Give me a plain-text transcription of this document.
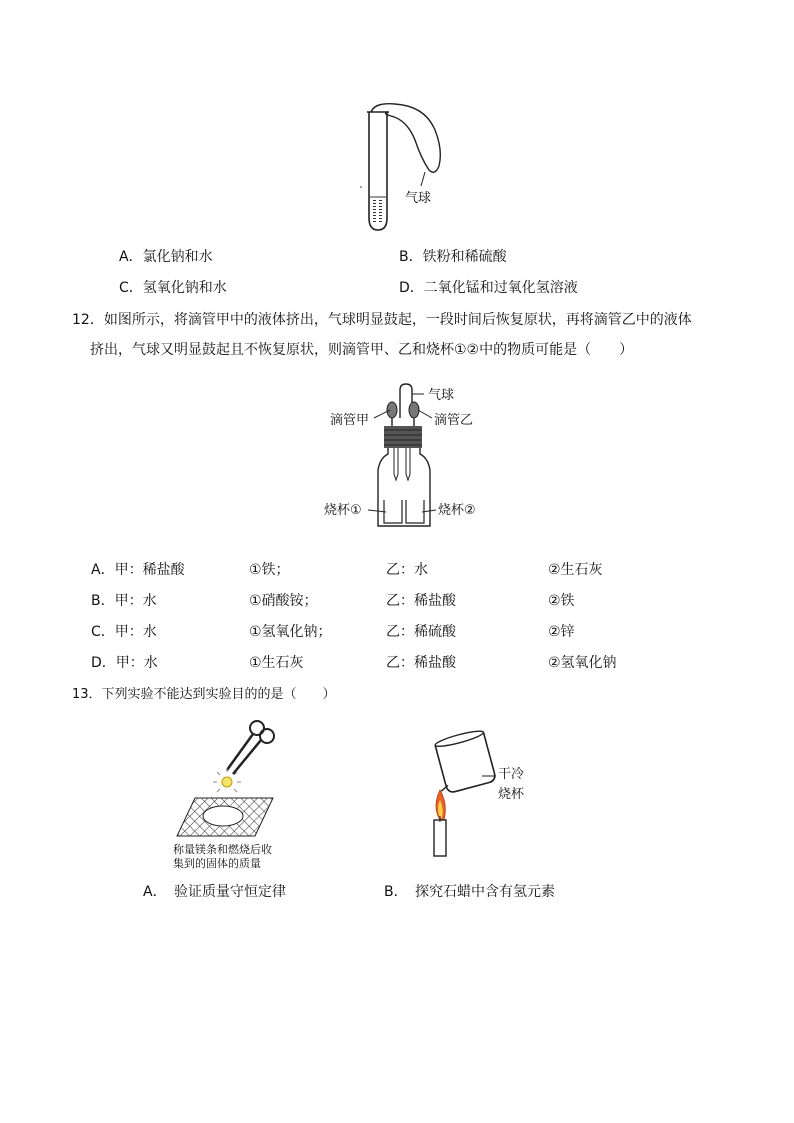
气球
A．氯化钠和水	B．铁粉和稀硫酸
C．氢氧化钠和水	D．二氧化锰和过氧化氢溶液
12．如图所示，将滴管甲中的液体挤出，气球明显鼓起，一段时间后恢复原状，再将滴管乙中的液体
挤出，气球又明显鼓起且不恢复原状，则滴管甲、乙和烧杯①②中的物质可能是（　　）
气球
滴管甲	滴管乙
烧杯①	烧杯②
A．甲：稀盐酸	①铁；	乙：水	②生石灰
B．甲：水	①硝酸铵；	乙：稀盐酸	②铁
C．甲：水	①氢氧化钠；	乙：稀硫酸	②锌
D．甲：水	①生石灰	乙：稀盐酸	②氢氧化钠
13．下列实验不能达到实验目的的是（　　）
称量镁条和燃烧后收
集到的固体的质量
干冷
烧杯
A． 验证质量守恒定律	B． 探究石蜡中含有氢元素
